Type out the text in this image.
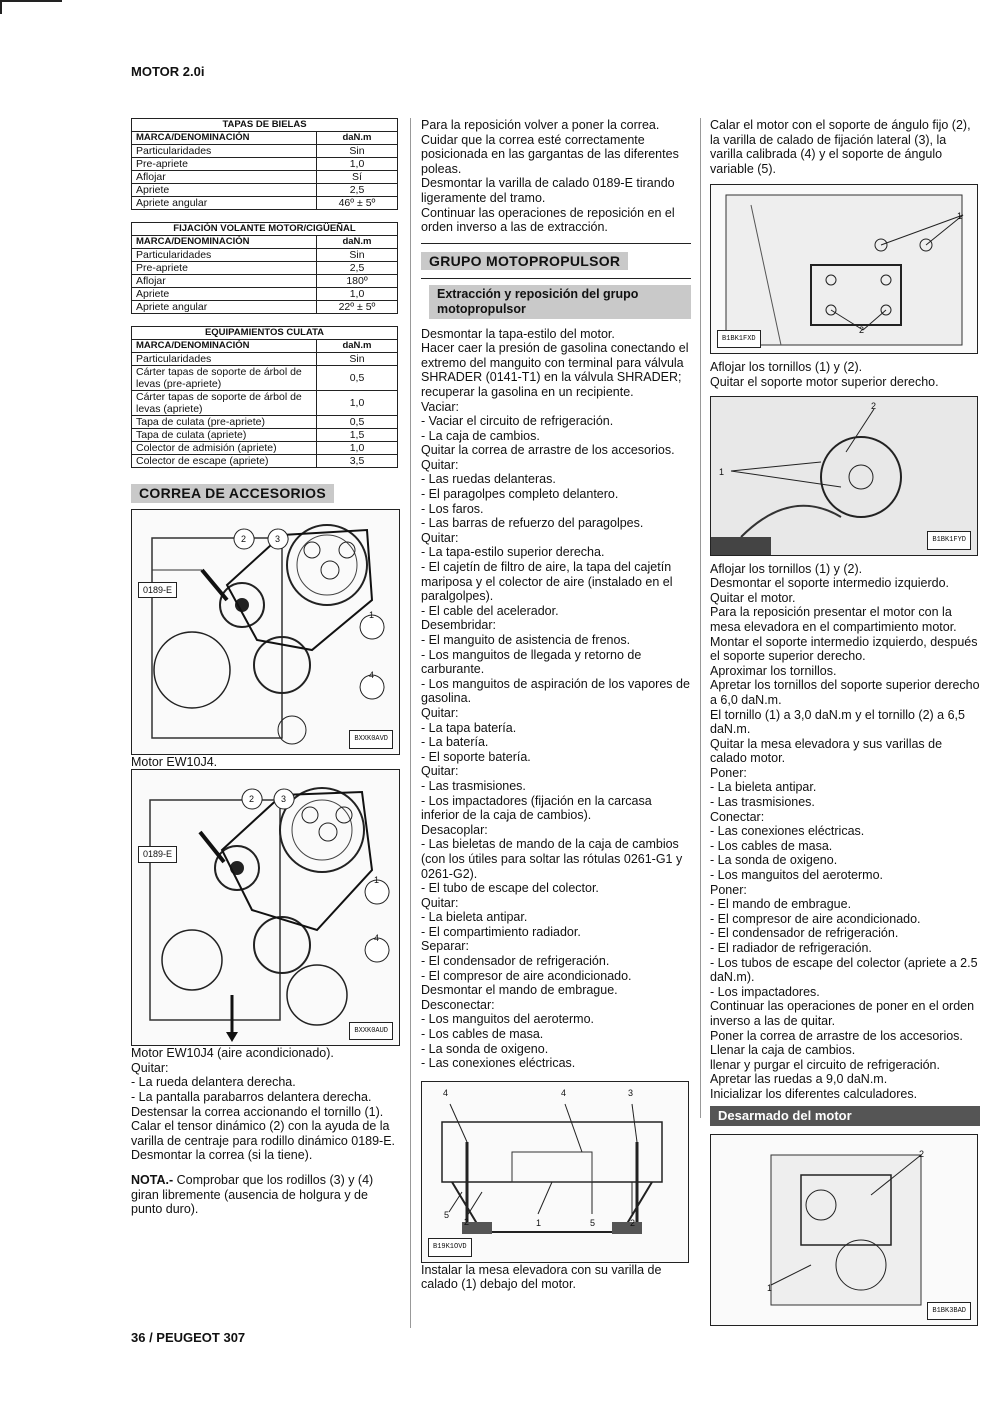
MOTOR 2.0i
TAPAS DE BIELAS	
MARCA/DENOMINACIÓN	daN.m
Particularidades	Sin
Pre-apriete	1,0
Aflojar	Sí
Apriete	2,5
Apriete angular	46º ± 5º
FIJACIÓN VOLANTE MOTOR/CIGÜEÑAL	
MARCA/DENOMINACIÓN	daN.m
Particularidades	Sin
Pre-apriete	2,5
Aflojar	180º
Apriete	1,0
Apriete angular	22º ± 5º
EQUIPAMIENTOS CULATA	
MARCA/DENOMINACIÓN	daN.m
Particularidades	Sin
Cárter tapas de soporte de árbol de levas (pre-apriete)	0,5
Cárter tapas de soporte de árbol de levas (apriete)	1,0
Tapa de culata (pre-apriete)	0,5
Tapa de culata (apriete)	1,5
Colector de admisión (apriete)	1,0
Colector de escape (apriete)	3,5
CORREA DE ACCESORIOS
0189-E
2	3
1
4
BXXK0AVD

Motor EW10J4.

0189-E
2	3
1
4
BXXK0AUD

Motor EW10J4 (aire acondicionado).

Quitar:

- La rueda delantera derecha.

- La pantalla parabarros delantera derecha.

Destensar la correa accionando el tornillo (1).

Calar el tensor dinámico (2) con la ayuda de la varilla de centraje para rodillo dinámico 0189-E.

Desmontar la correa (si la tiene).

NOTA.- Comprobar que los rodillos (3) y (4) giran libremente (ausencia de holgura y de punto duro).

Para la reposición volver a poner la correa.

Cuidar que la correa esté correctamente posicionada en las gargantas de las diferentes poleas.

Desmontar la varilla de calado 0189-E tirando ligeramente del tramo.

Continuar las operaciones de reposición en el orden inverso a las de extracción.

GRUPO MOTOPROPULSOR
Extracción y reposición del grupo motopropulsor

Desmontar la tapa-estilo del motor.

Hacer caer la presión de gasolina conectando el extremo del manguito con terminal para válvula SHRADER (0141-T1) en la válvula SHRADER; recuperar la gasolina en un recipiente.

Vaciar:

- Vaciar el circuito de refrigeración.

- La caja de cambios.

Quitar la correa de arrastre de los accesorios.

Quitar:

- Las ruedas delanteras.

- El paragolpes completo delantero.

- Los faros.

- Las barras de refuerzo del paragolpes.

Quitar:

- La tapa-estilo superior derecha.

- El cajetín de filtro de aire, la tapa del cajetín mariposa y el colector de aire (instalado en el paralgolpes).

- El cable del acelerador.

Desembridar:

- El manguito de asistencia de frenos.

- Los manguitos de llegada y retorno de carburante.

- Los manguitos de aspiración de los vapores de gasolina.

Quitar:

- La tapa batería.

- La batería.

- El soporte batería.

Quitar:

- Las trasmisiones.

- Los impactadores (fijación en la carcasa inferior de la caja de cambios).

Desacoplar:

- Las bieletas de mando de la caja de cambios (con los útiles para soltar las rótulas 0261-G1 y 0261-G2).

- El tubo de escape del colector.

Quitar:

- La bieleta antipar.

- El compartimiento radiador.

Separar:

- El condensador de refrigeración.

- El compresor de aire acondicionado.

Desmontar el mando de embrague.

Desconectar:

- Los manguitos del aerotermo.

- Los cables de masa.

- La sonda de oxigeno.

- Las conexiones eléctricas.

4	4	3
5
2	1	5	2
B19K1OVD

Instalar la mesa elevadora con su varilla de calado (1) debajo del motor.

Calar el motor con el soporte de ángulo fijo (2), la varilla de calado de fijación lateral (3), la varilla calibrada (4) y el soporte de ángulo variable (5).

1
2
B1BK1FXD

Aflojar los tornillos (1) y (2).

Quitar el soporte motor superior derecho.

2
1
B1BK1FYD

Aflojar los tornillos (1) y (2).

Desmontar el soporte intermedio izquierdo.

Quitar el motor.

Para la reposición presentar el motor con la mesa elevadora en el compartimiento motor.

Montar el soporte intermedio izquierdo, después el soporte superior derecho.

Aproximar los tornillos.

Apretar los tornillos del soporte superior derecho a 6,0 daN.m.

El tornillo (1) a 3,0 daN.m y el tornillo (2) a 6,5 daN.m.

Quitar la mesa elevadora y sus varillas de calado motor.

Poner:

- La bieleta antipar.

- Las trasmisiones.

Conectar:

- Las conexiones eléctricas.

- Los cables de masa.

- La sonda de oxigeno.

- Los manguitos del aerotermo.

Poner:

- El mando de embrague.

- El compresor de aire acondicionado.

- El condensador de refrigeración.

- El radiador de refrigeración.

- Los tubos de escape del colector (apriete a 2.5 daN.m).

- Los impactadores.

Continuar las operaciones de poner en el orden inverso a las de quitar.

Poner la correa de arrastre de los accesorios.

Llenar la caja de cambios.

llenar y purgar el circuito de refrigeración.

Apretar las ruedas a 9,0 daN.m.

Inicializar los diferentes calculadores.

Desarmado del motor
2
1
B1BK3BAD
36 / PEUGEOT 307
